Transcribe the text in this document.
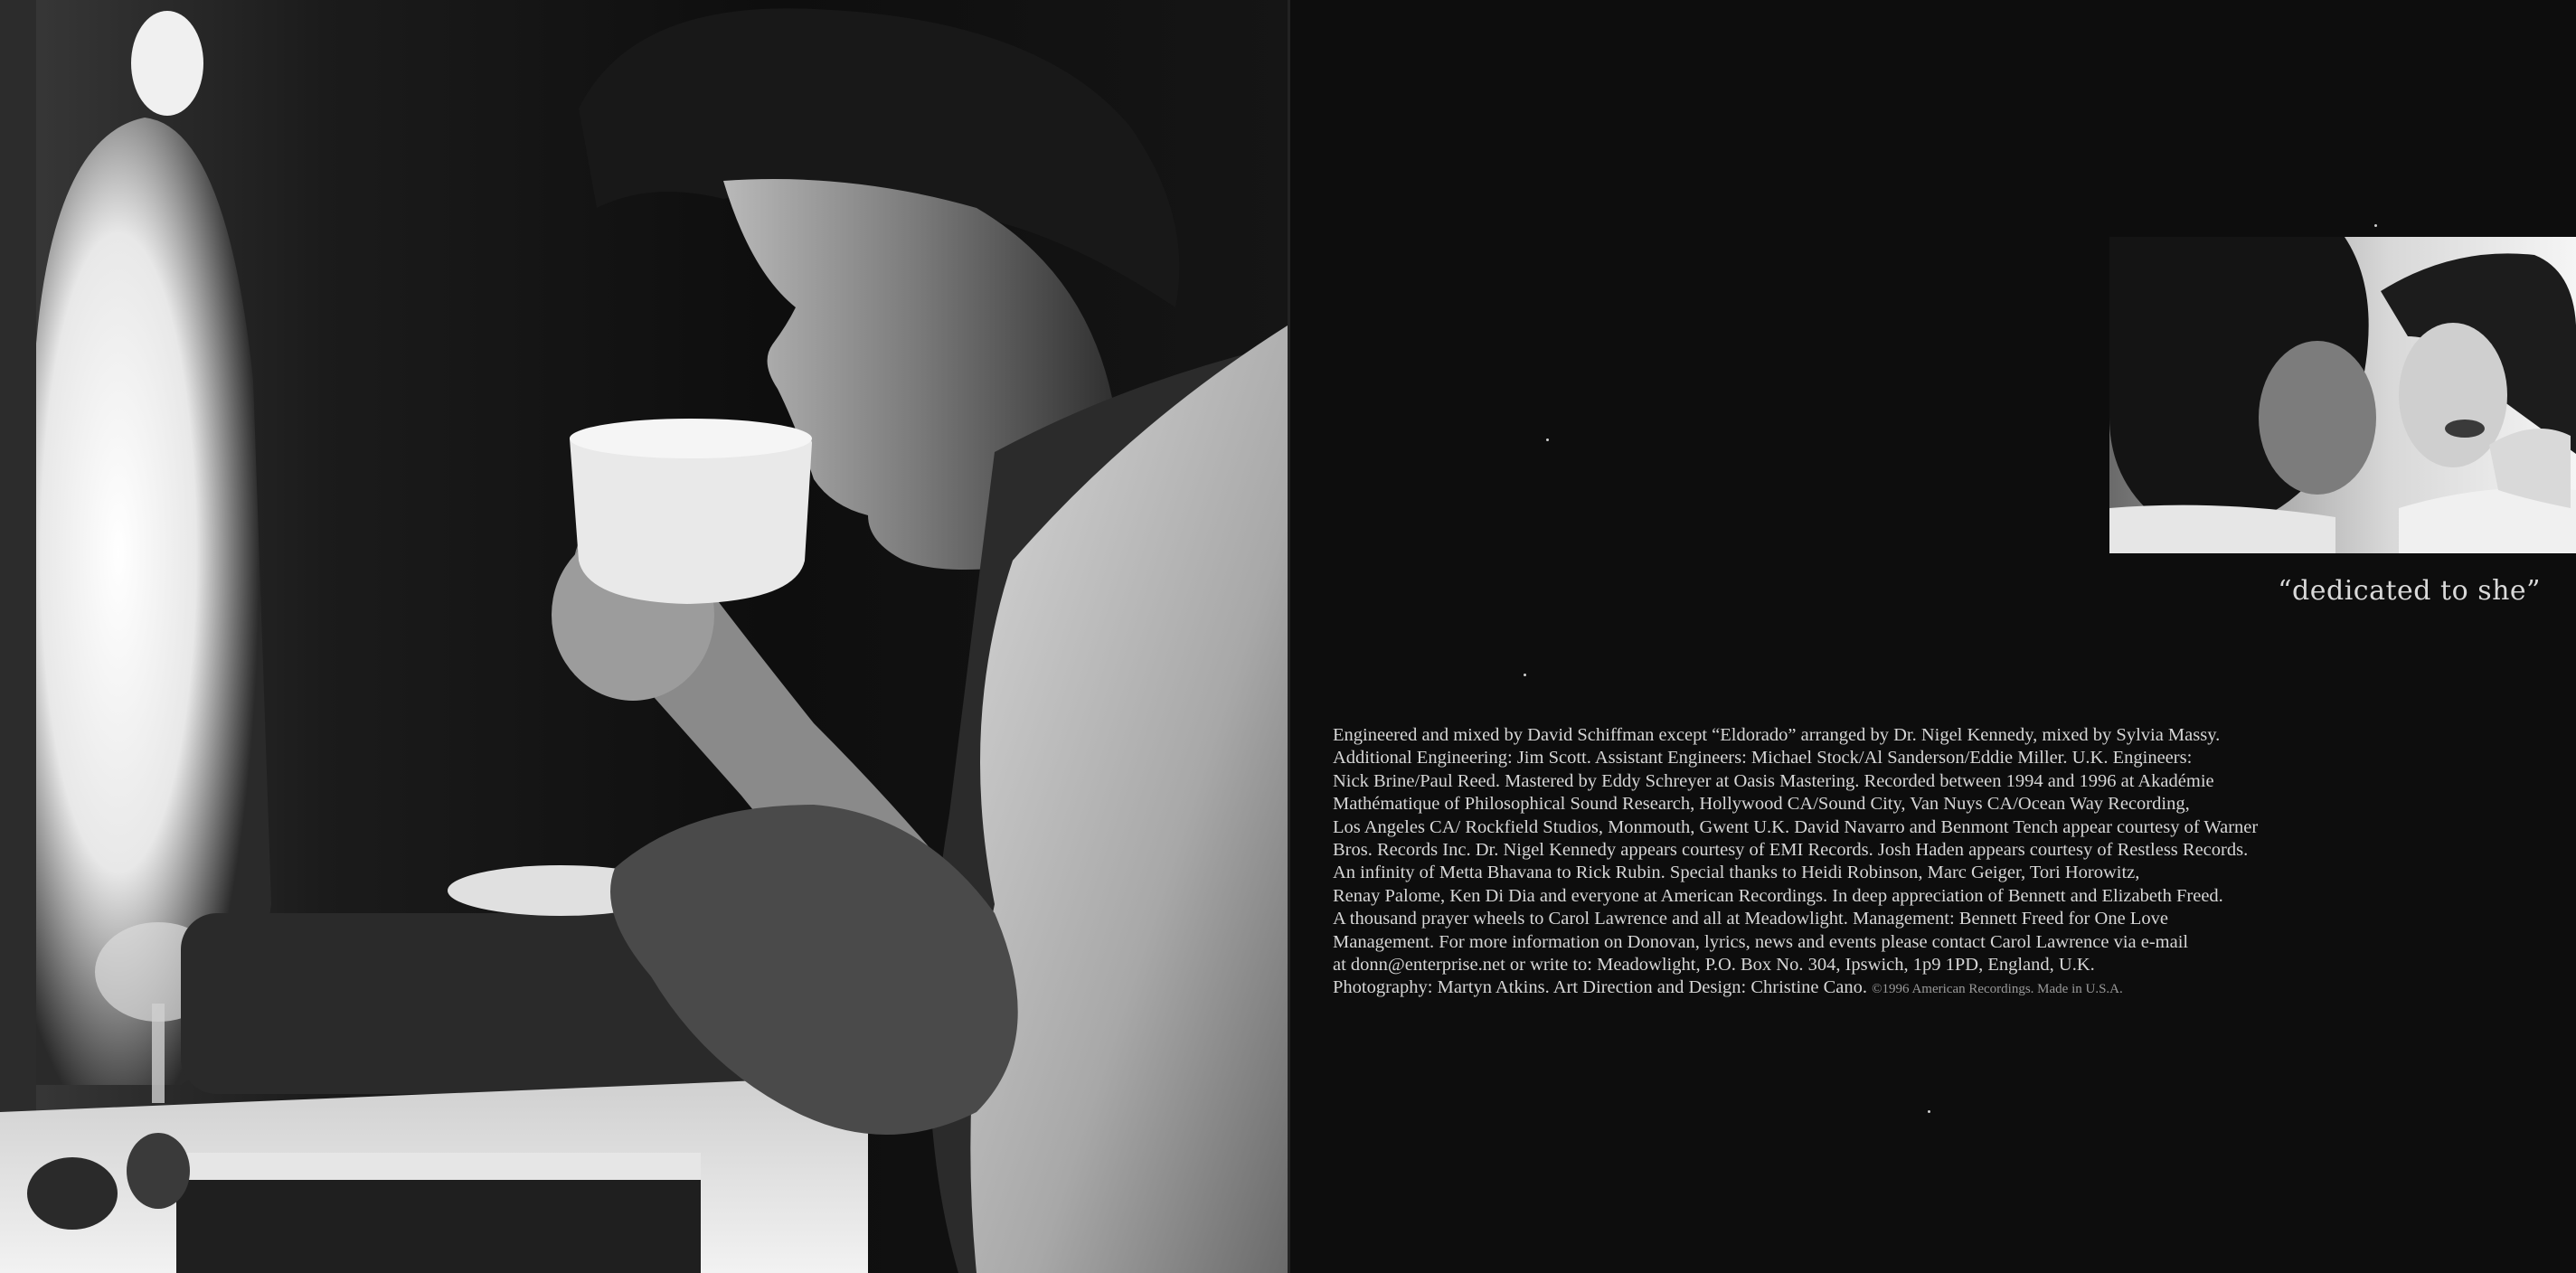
“dedicated to she”

Engineered and mixed by David Schiffman except “Eldorado” arranged by Dr. Nigel Kennedy, mixed by Sylvia Massy.

Additional Engineering: Jim Scott. Assistant Engineers: Michael Stock/Al Sanderson/Eddie Miller. U.K. Engineers:

Nick Brine/Paul Reed. Mastered by Eddy Schreyer at Oasis Mastering. Recorded between 1994 and 1996 at Akadémie

Mathématique of Philosophical Sound Research, Hollywood CA/Sound City, Van Nuys CA/Ocean Way Recording,

Los Angeles CA/ Rockfield Studios, Monmouth, Gwent U.K. David Navarro and Benmont Tench appear courtesy of Warner

Bros. Records Inc. Dr. Nigel Kennedy appears courtesy of EMI Records. Josh Haden appears courtesy of Restless Records.

An infinity of Metta Bhavana to Rick Rubin. Special thanks to Heidi Robinson, Marc Geiger, Tori Horowitz,

Renay Palome, Ken Di Dia and everyone at American Recordings. In deep appreciation of Bennett and Elizabeth Freed.

A thousand prayer wheels to Carol Lawrence and all at Meadowlight. Management: Bennett Freed for One Love

Management. For more information on Donovan, lyrics, news and events please contact Carol Lawrence via e-mail

at donn@enterprise.net or write to: Meadowlight, P.O. Box No. 304, Ipswich, 1p9 1PD, England, U.K.

Photography: Martyn Atkins. Art Direction and Design: Christine Cano. ©1996 American Recordings. Made in U.S.A.
